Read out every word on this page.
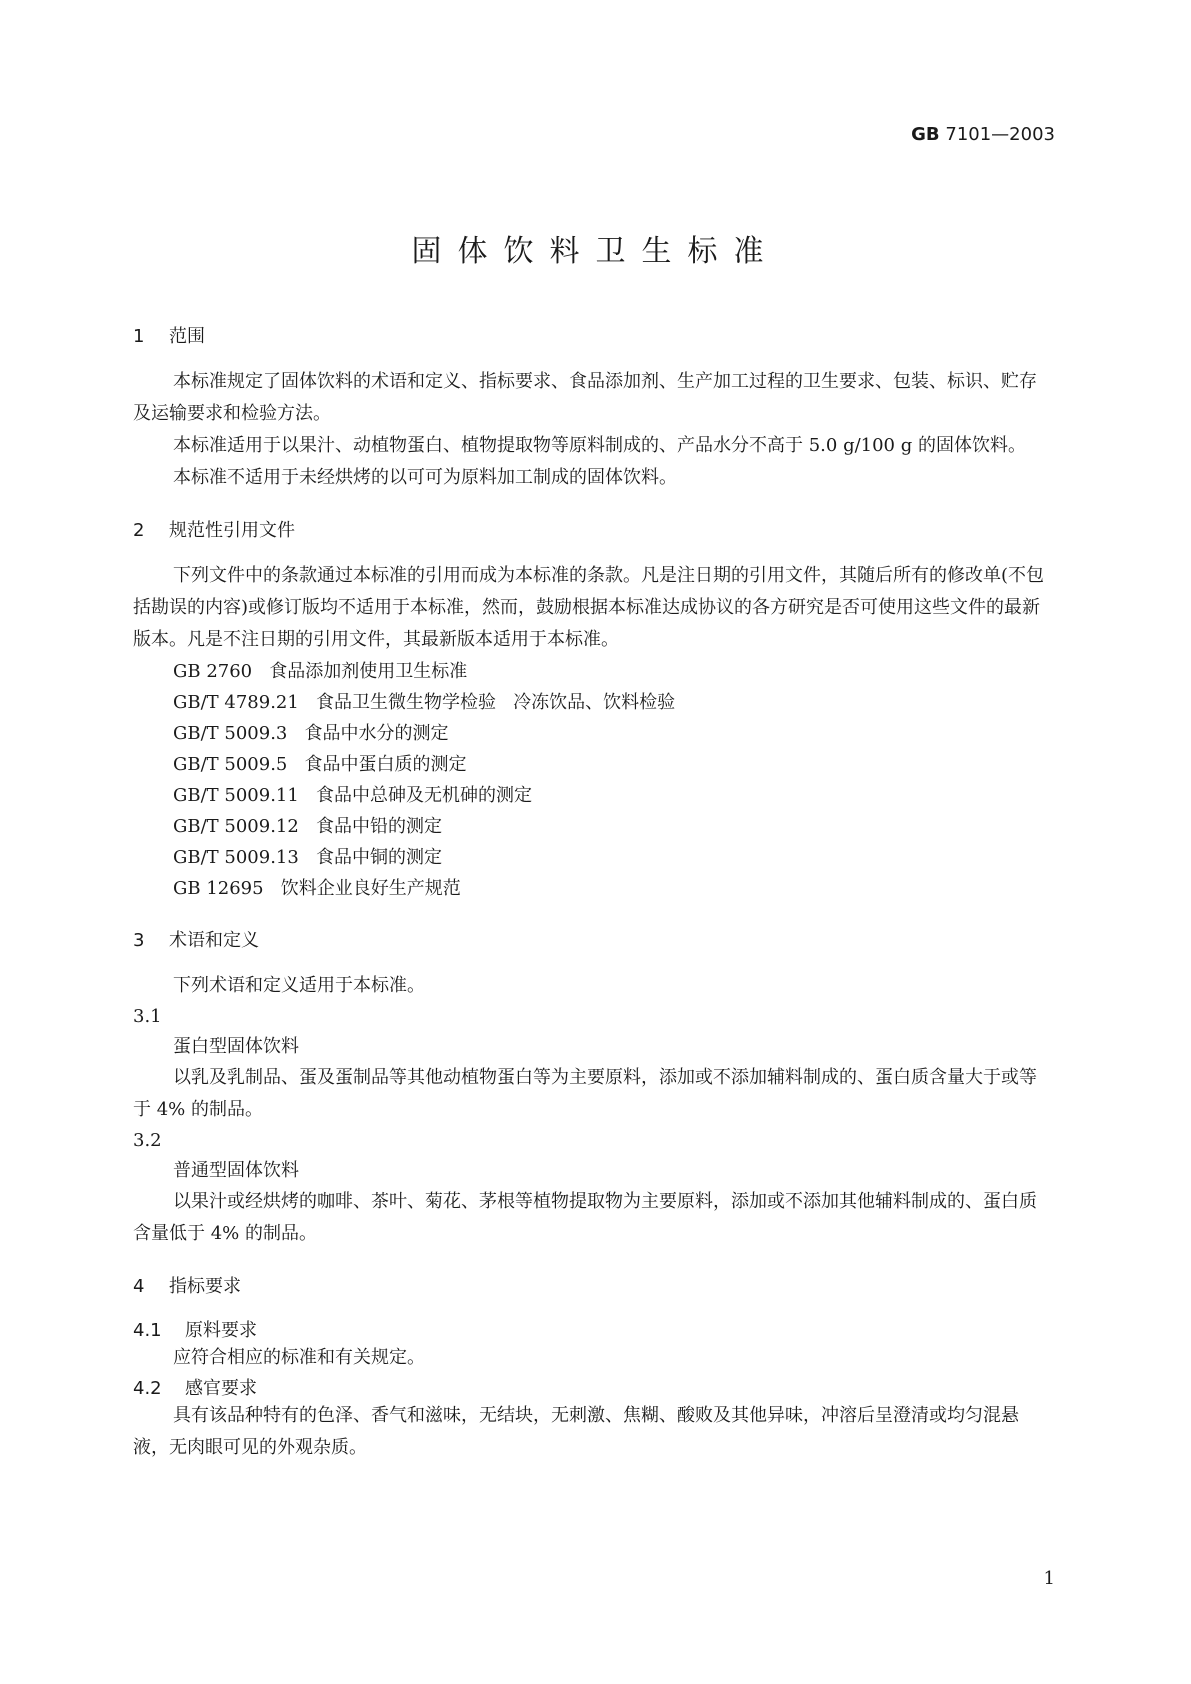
GB 7101—2003
固体饮料卫生标准
1 范围

本标准规定了固体饮料的术语和定义、指标要求、食品添加剂、生产加工过程的卫生要求、包装、标识、贮存及运输要求和检验方法。

本标准适用于以果汁、动植物蛋白、植物提取物等原料制成的、产品水分不高于 5.0 g/100 g 的固体饮料。

本标准不适用于未经烘烤的以可可为原料加工制成的固体饮料。

2 规范性引用文件

下列文件中的条款通过本标准的引用而成为本标准的条款。凡是注日期的引用文件，其随后所有的修改单(不包括勘误的内容)或修订版均不适用于本标准，然而，鼓励根据本标准达成协议的各方研究是否可使用这些文件的最新版本。凡是不注日期的引用文件，其最新版本适用于本标准。

GB 2760   食品添加剂使用卫生标准
GB/T 4789.21   食品卫生微生物学检验   冷冻饮品、饮料检验
GB/T 5009.3   食品中水分的测定
GB/T 5009.5   食品中蛋白质的测定
GB/T 5009.11   食品中总砷及无机砷的测定
GB/T 5009.12   食品中铅的测定
GB/T 5009.13   食品中铜的测定
GB 12695   饮料企业良好生产规范
3 术语和定义

下列术语和定义适用于本标准。

3.1
蛋白型固体饮料

以乳及乳制品、蛋及蛋制品等其他动植物蛋白等为主要原料，添加或不添加辅料制成的、蛋白质含量大于或等于 4% 的制品。

3.2
普通型固体饮料

以果汁或经烘烤的咖啡、茶叶、菊花、茅根等植物提取物为主要原料，添加或不添加其他辅料制成的、蛋白质含量低于 4% 的制品。

4 指标要求
4.1 原料要求

应符合相应的标准和有关规定。

4.2 感官要求

具有该品种特有的色泽、香气和滋味，无结块，无刺激、焦糊、酸败及其他异味，冲溶后呈澄清或均匀混悬液，无肉眼可见的外观杂质。

1
